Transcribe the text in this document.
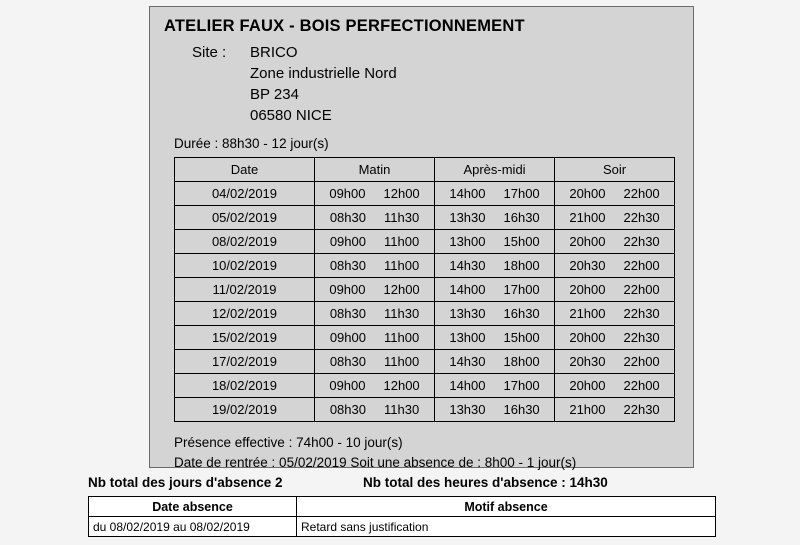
ATELIER FAUX - BOIS PERFECTIONNEMENT
Site :	BRICO
Zone industrielle Nord
BP 234
06580 NICE
Durée : 88h30 - 12 jour(s)
Date	Matin	Après-midi	Soir
04/02/2019	09h00 12h00	14h00 17h00	20h00 22h00

05/02/2019	08h30 11h30	13h30 16h30	21h00 22h30

08/02/2019	09h00 11h00	13h00 15h00	20h00 22h30

10/02/2019	08h30 11h00	14h30 18h00	20h30 22h00

11/02/2019	09h00 12h00	14h00 17h00	20h00 22h00

12/02/2019	08h30 11h30	13h30 16h30	21h00 22h30

15/02/2019	09h00 11h00	13h00 15h00	20h00 22h30

17/02/2019	08h30 11h00	14h30 18h00	20h30 22h00

18/02/2019	09h00 12h00	14h00 17h00	20h00 22h00

19/02/2019	08h30 11h30	13h30 16h30	21h00 22h30
Présence effective : 74h00 - 10 jour(s)
Date de rentrée : 05/02/2019 Soit une absence de : 8h00 - 1 jour(s)
Nb total des jours d'absence 2	Nb total des heures d'absence : 14h30
Date absence	Motif absence
du 08/02/2019 au 08/02/2019	Retard sans justification
